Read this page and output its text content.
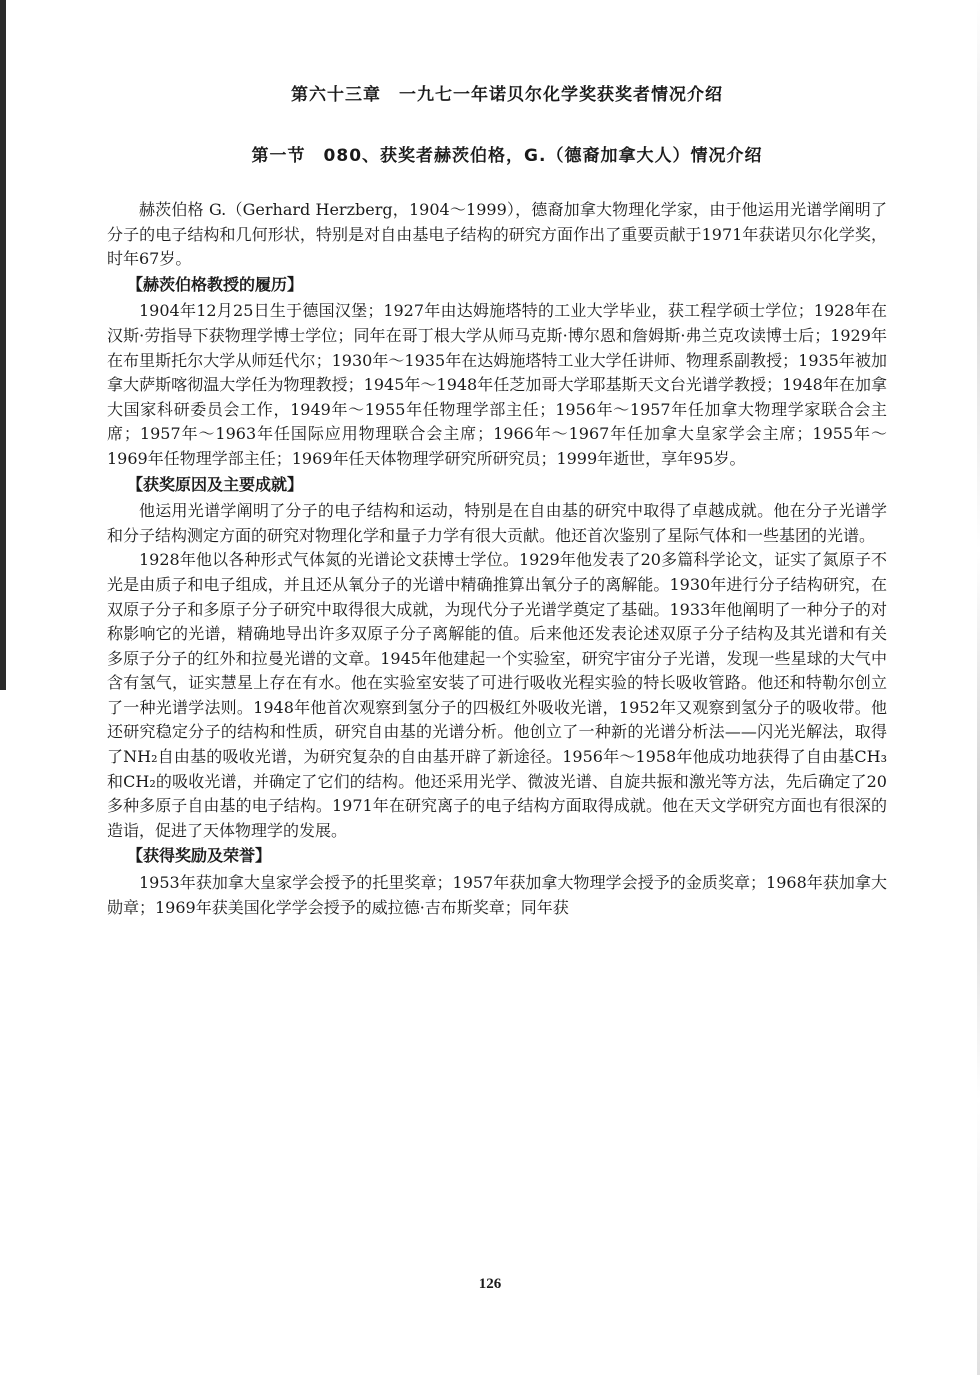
第六十三章　一九七一年诺贝尔化学奖获奖者情况介绍
第一节　080、获奖者赫茨伯格，G.（德裔加拿大人）情况介绍

赫茨伯格 G.（Gerhard Herzberg，1904～1999），德裔加拿大物理化学家，由于他运用光谱学阐明了分子的电子结构和几何形状，特别是对自由基电子结构的研究方面作出了重要贡献于1971年获诺贝尔化学奖，时年67岁。

【赫茨伯格教授的履历】

1904年12月25日生于德国汉堡；1927年由达姆施塔特的工业大学毕业，获工程学硕士学位；1928年在汉斯·劳指导下获物理学博士学位；同年在哥丁根大学从师马克斯·博尔恩和詹姆斯·弗兰克攻读博士后；1929年在布里斯托尔大学从师廷代尔；1930年～1935年在达姆施塔特工业大学任讲师、物理系副教授；1935年被加拿大萨斯喀彻温大学任为物理教授；1945年～1948年任芝加哥大学耶基斯天文台光谱学教授；1948年在加拿大国家科研委员会工作，1949年～1955年任物理学部主任；1956年～1957年任加拿大物理学家联合会主席；1957年～1963年任国际应用物理联合会主席；1966年～1967年任加拿大皇家学会主席；1955年～1969年任物理学部主任；1969年任天体物理学研究所研究员；1999年逝世，享年95岁。

【获奖原因及主要成就】

他运用光谱学阐明了分子的电子结构和运动，特别是在自由基的研究中取得了卓越成就。他在分子光谱学和分子结构测定方面的研究对物理化学和量子力学有很大贡献。他还首次鉴别了星际气体和一些基团的光谱。

1928年他以各种形式气体氮的光谱论文获博士学位。1929年他发表了20多篇科学论文，证实了氮原子不光是由质子和电子组成，并且还从氧分子的光谱中精确推算出氧分子的离解能。1930年进行分子结构研究，在双原子分子和多原子分子研究中取得很大成就，为现代分子光谱学奠定了基础。1933年他阐明了一种分子的对称影响它的光谱，精确地导出许多双原子分子离解能的值。后来他还发表论述双原子分子结构及其光谱和有关多原子分子的红外和拉曼光谱的文章。1945年他建起一个实验室，研究宇宙分子光谱，发现一些星球的大气中含有氢气，证实慧星上存在有水。他在实验室安装了可进行吸收光程实验的特长吸收管路。他还和特勒尔创立了一种光谱学法则。1948年他首次观察到氢分子的四极红外吸收光谱，1952年又观察到氢分子的吸收带。他还研究稳定分子的结构和性质，研究自由基的光谱分析。他创立了一种新的光谱分析法——闪光光解法，取得了NH₂自由基的吸收光谱，为研究复杂的自由基开辟了新途径。1956年～1958年他成功地获得了自由基CH₃和CH₂的吸收光谱，并确定了它们的结构。他还采用光学、微波光谱、自旋共振和激光等方法，先后确定了20多种多原子自由基的电子结构。1971年在研究离子的电子结构方面取得成就。他在天文学研究方面也有很深的造诣，促进了天体物理学的发展。

【获得奖励及荣誉】

1953年获加拿大皇家学会授予的托里奖章；1957年获加拿大物理学会授予的金质奖章；1968年获加拿大勋章；1969年获美国化学学会授予的威拉德·吉布斯奖章；同年获

126
